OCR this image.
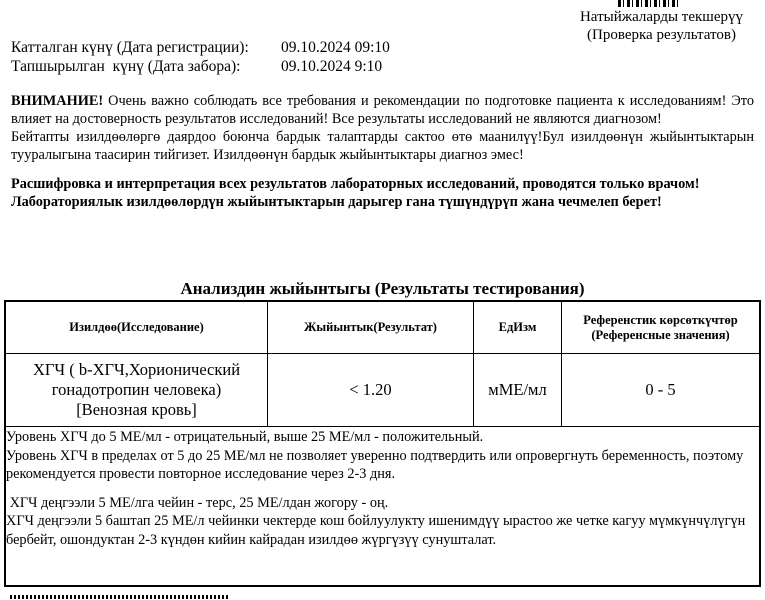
Натыйжаларды текшерүү
(Проверка результатов)
Катталган күнү (Дата регистрации):	09.10.2024 09:10
Тапшырылган  күнү (Дата забора):	09.10.2024 9:10

ВНИМАНИЕ! Очень важно соблюдать все требования и рекомендации по подготовке пациента к исследованиям! Это влияет на достоверность результатов исследований! Все результаты исследований не являются диагнозом!

Бейтапты изилдөөлөргө даярдоо боюнча бардык талаптарды сактоо өтө маанилүү!Бул изилдөөнүн жыйынтыктарын тууралыгына таасирин тийгизет. Изилдөөнүн бардык жыйынтыктары диагноз эмес!

Расшифровка и интерпретация всех результатов лабораторных исследований, проводятся только врачом!

Лабораториялык изилдөөлөрдүн жыйынтыктарын дарыгер гана түшүндүрүп жана чечмелеп берет!

Анализдин жыйынтыгы (Результаты тестирования)
Изилдөө(Исследование)	Жыйынтык(Результат)	ЕдИзм
Референстик көрсөткүчтөр
(Референсные значения)
ХГЧ ( b-ХГЧ,Хорионический
гонадотропин человека)
[Венозная кровь]
< 1.20	мМЕ/мл	0 - 5

Уровень ХГЧ до 5 МЕ/мл - отрицательный, выше 25 МЕ/мл - положительный.

Уровень ХГЧ в пределах от 5 до 25 МЕ/мл не позволяет уверенно подтвердить или опровергнуть беременность, поэтому рекомендуется провести повторное исследование через 2-3 дня.

ХГЧ деңгээли 5 МЕ/лга чейин - терс, 25 МЕ/лдан жогору - оң.

ХГЧ деңгээли 5 баштап 25 МЕ/л чейинки чектерде кош бойлуулукту ишенимдүү ырастоо же четке кагуу мүмкүнчүлүгүн бербейт, ошондуктан 2-3 күндөн кийин кайрадан изилдөө жүргүзүү сунушталат.
